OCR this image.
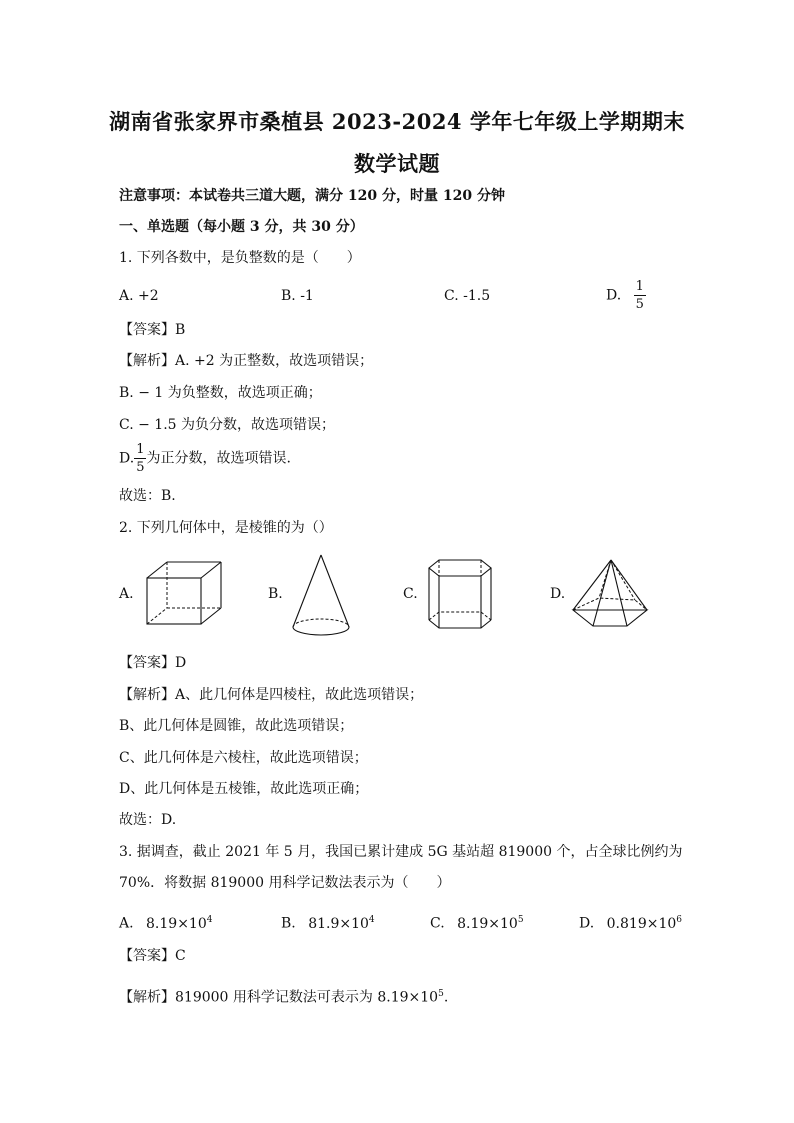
湖南省张家界市桑植县 2023-2024 学年七年级上学期期末
数学试题
注意事项：本试卷共三道大题，满分 120 分，时量 120 分钟
一、单选题（每小题 3 分，共 30 分）
1. 下列各数中，是负整数的是（　　）
A. +2	B. -1	C. -1.5	D. $\frac{1}{5}$
【答案】B
【解析】A. +2 为正整数，故选项错误；
B. − 1 为负整数，故选项正确；
C. − 1.5 为负分数，故选项错误；
D. $\frac{1}{5}$ 为正分数，故选项错误.
故选：B.
2. 下列几何体中，是棱锥的为（）
A.	B.	C.	D.
【答案】D
【解析】A、此几何体是四棱柱，故此选项错误；
B、此几何体是圆锥，故此选项错误；
C、此几何体是六棱柱，故此选项错误；
D、此几何体是五棱锥，故此选项正确；
故选：D.
3. 据调查，截止 2021 年 5 月，我国已累计建成 5G 基站超 819000 个，占全球比例约为
70%．将数据 819000 用科学记数法表示为（　　）
A. $8.19\times 10^4$	B. $81.9\times 10^4$	C. $8.19\times 10^5$	D. $0.819\times 10^6$
【答案】C
【解析】819000 用科学记数法可表示为 $8.19\times 10^5$.
